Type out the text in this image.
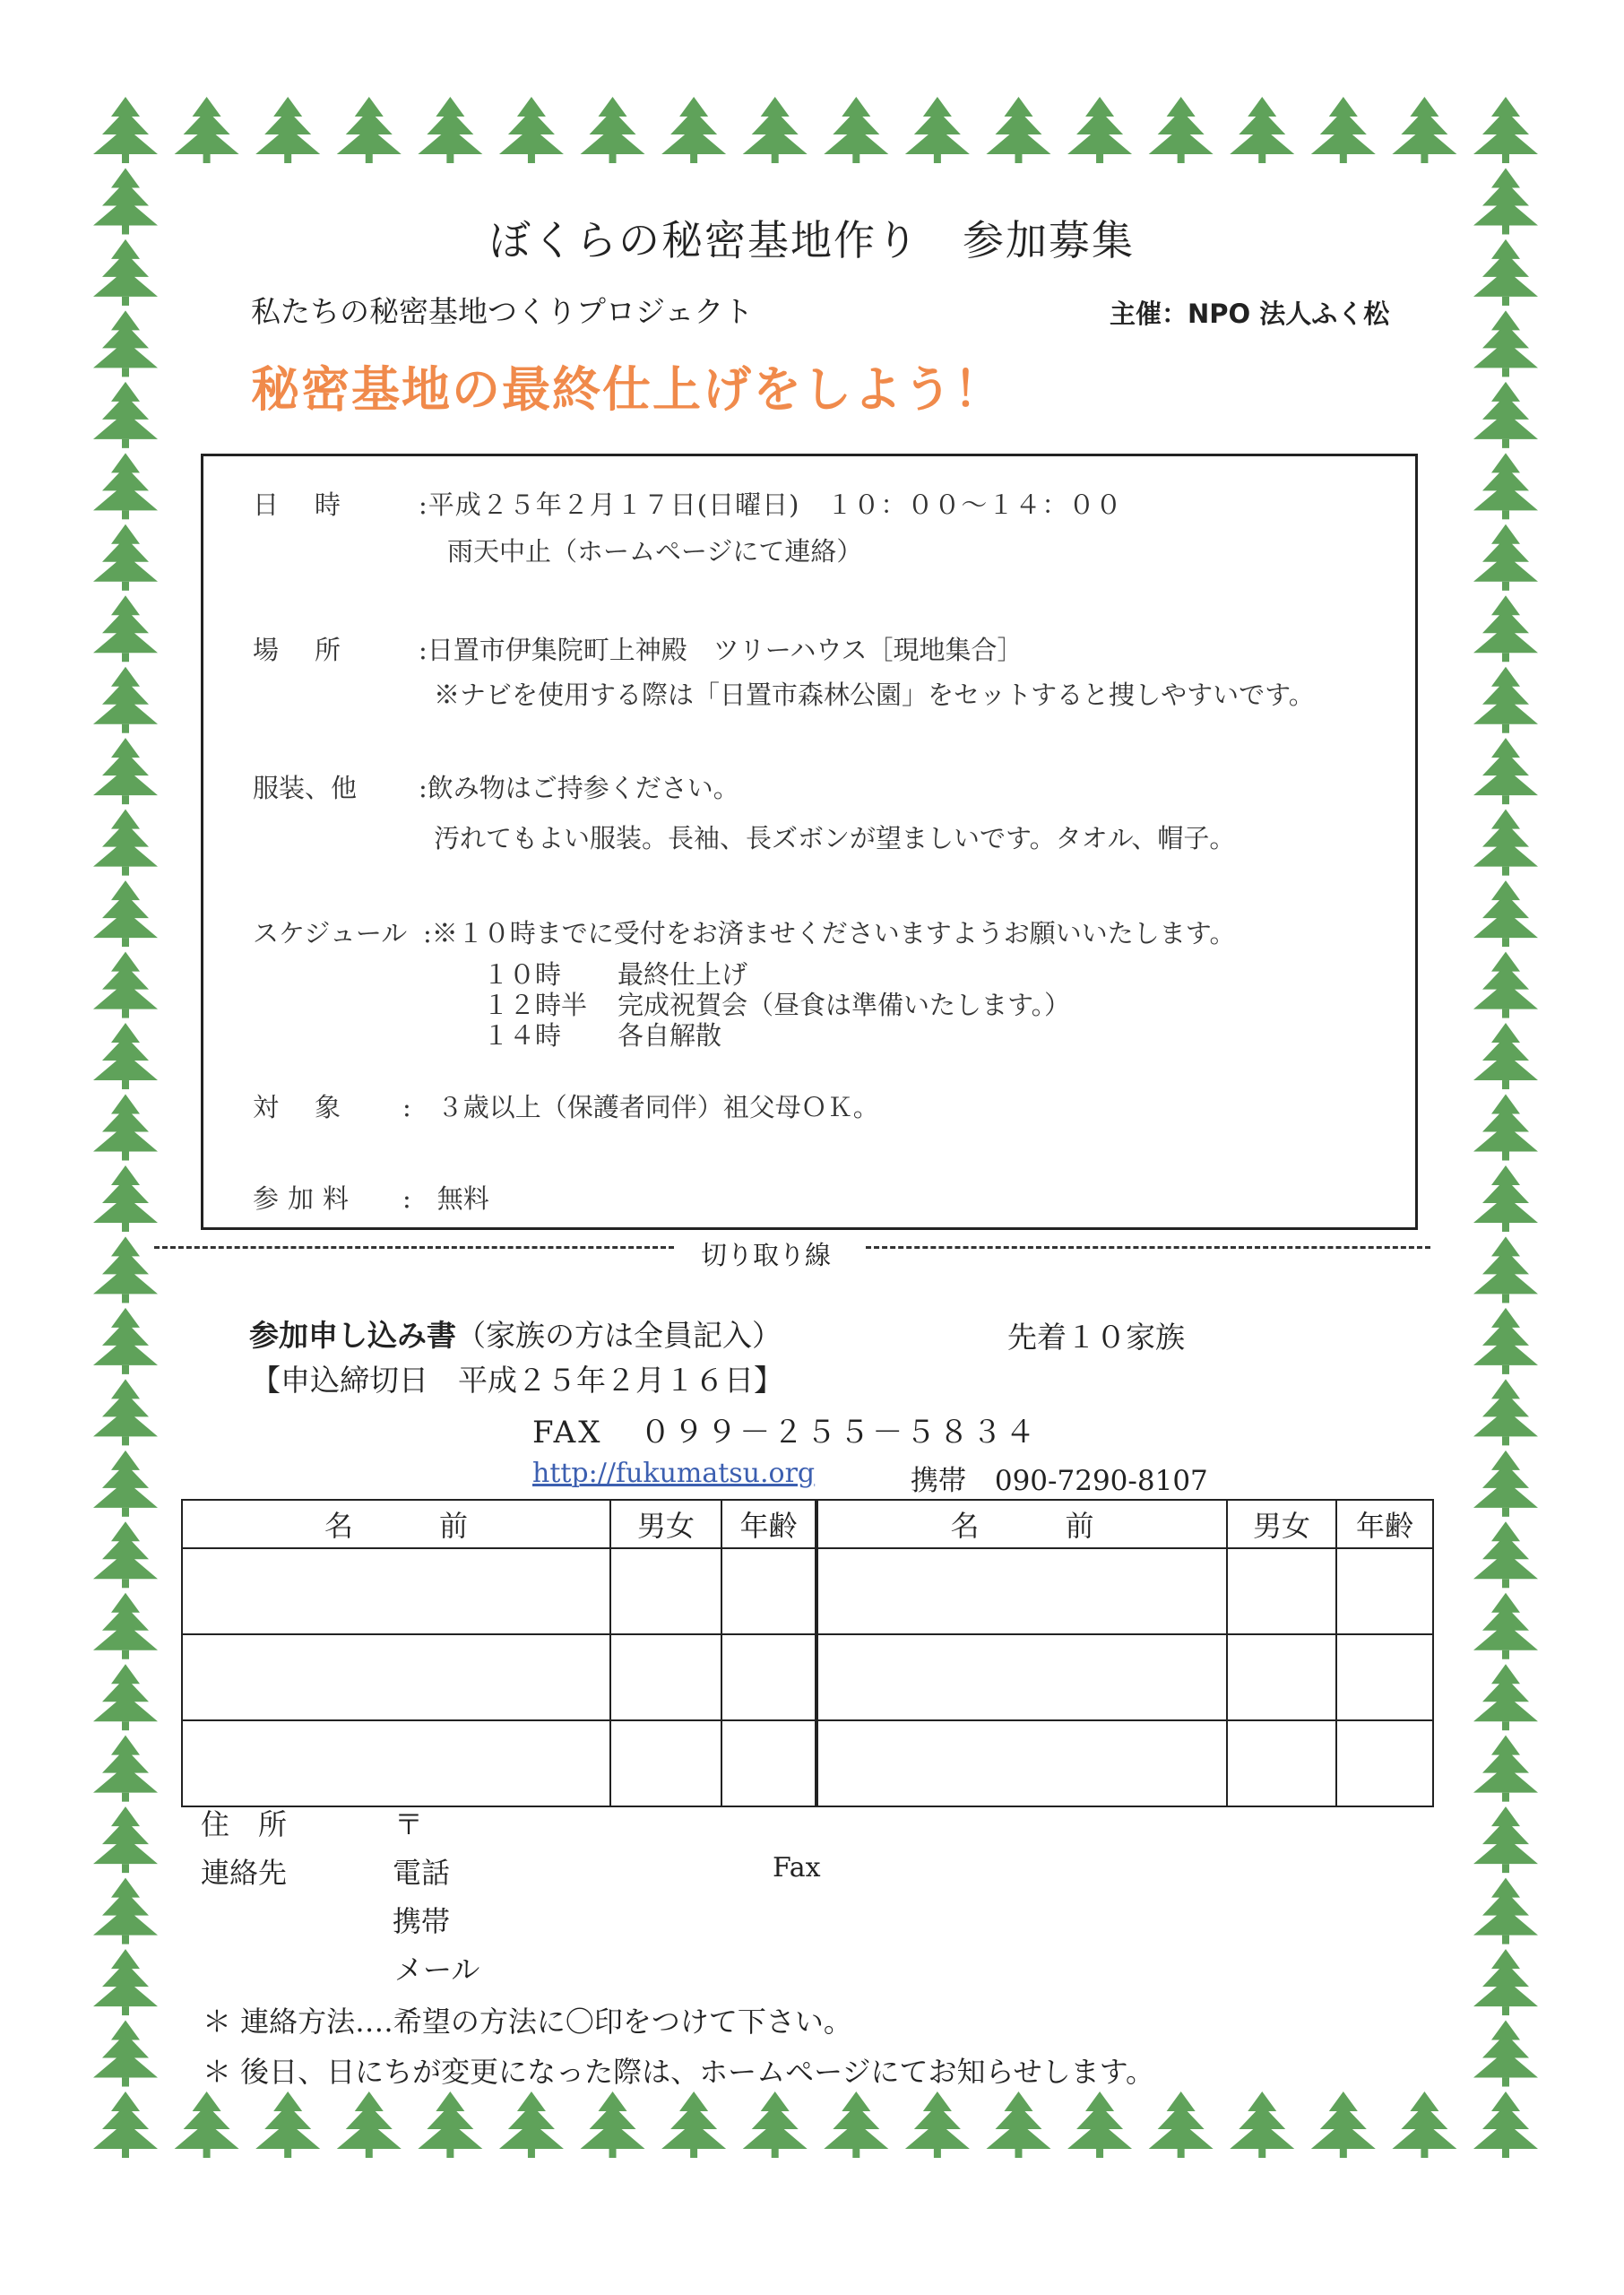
ぼくらの秘密基地作り　参加募集
私たちの秘密基地つくりプロジェクト	主催：NPO 法人ふく松
秘密基地の最終仕上げをしよう！
日時 :平成２５年２月１７日(日曜日)　１０：００～１４：００
雨天中止（ホームページにて連絡）
場所 :日置市伊集院町上神殿　ツリーハウス［現地集合］
※ナビを使用する際は「日置市森林公園」をセットすると捜しやすいです。
服装、他 :飲み物はご持参ください。
汚れてもよい服装。長袖、長ズボンが望ましいです。タオル、帽子。
スケジュール :※１０時までに受付をお済ませくださいますようお願いいたします。
１０時 最終仕上げ
１２時半 完成祝賀会（昼食は準備いたします。）
１４時 各自解散
対象 :　３歳以上（保護者同伴）祖父母ＯＫ。
参加料 :　無料
切り取り線
参加申し込み書（家族の方は全員記入）	先着１０家族
【申込締切日　平成２５年２月１６日】
FAX ０９９－２５５－５８３４
http://fukumatsu.org	携帯 090-7290-8107
名　　　前	男女	年齢	名　　　前	男女	年齢

住　所	〒
連絡先	電話	Fax
携帯
メール
＊ 連絡方法‥‥希望の方法に〇印をつけて下さい。
＊ 後日、日にちが変更になった際は、ホームページにてお知らせします。
